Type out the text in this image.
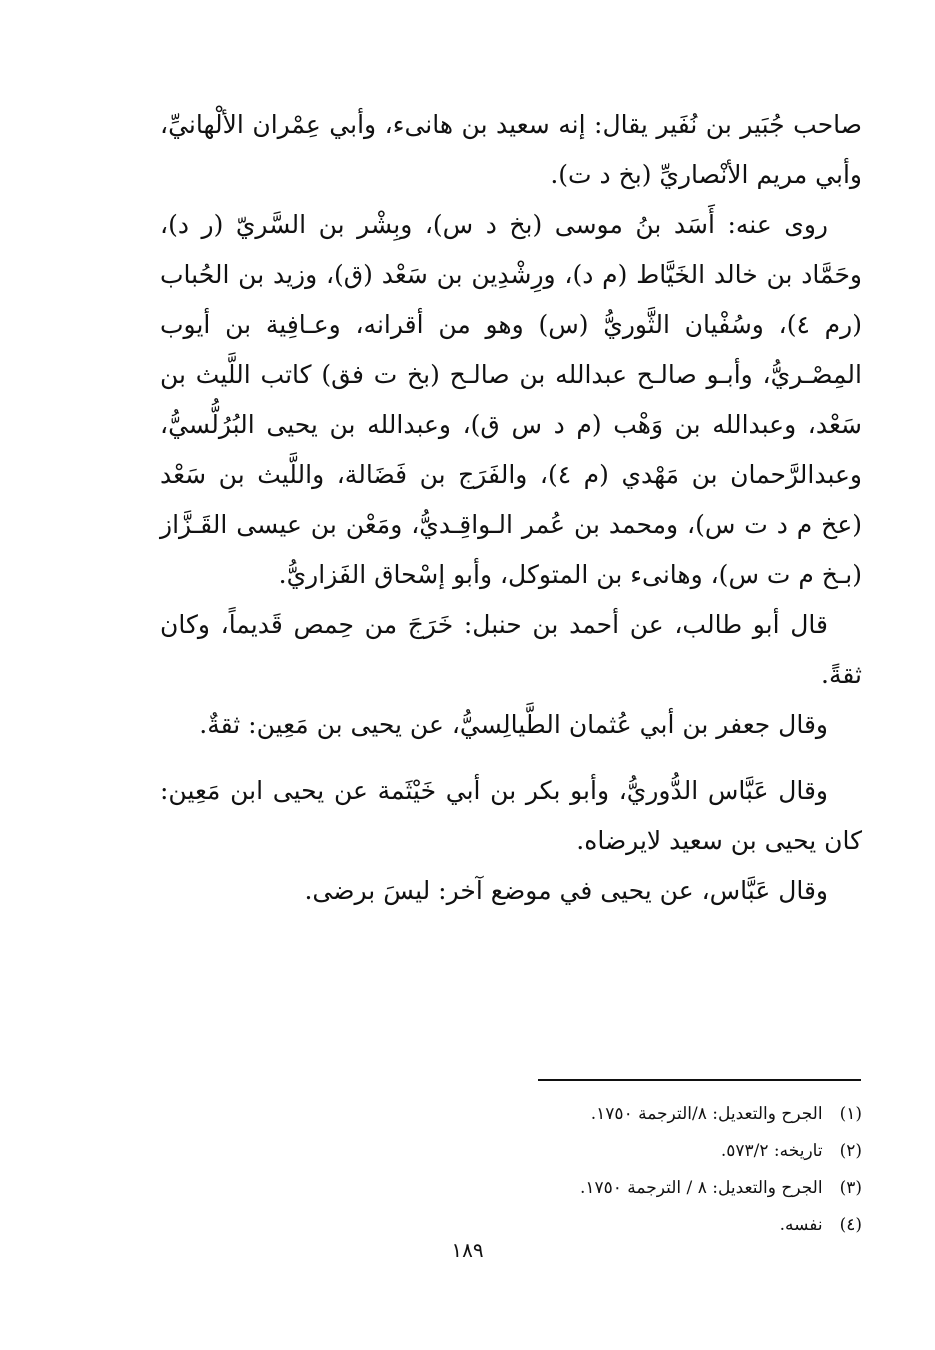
صاحب جُبَير بن نُفَير يقال: إنه سعيد بن هانىء، وأبي عِمْران الألْهانيِّ، وأبي مريم الأنْصاريِّ (بخ د ت).

روى عنه: أَسَد بنُ موسى (بخ د س)، وبِشْر بن السَّريّ (ر د)، وحَمَّاد بن خالد الخَيَّاط (م د)، ورِشْدِين بن سَعْد (ق)، وزيد بن الحُباب (رم ٤)، وسُفْيان الثَّوريُّ (س) وهو من أقرانه، وعـافِية بن أيوب المِصْـريُّ، وأبـو صالـح عبدالله بن صالـح (بخ ت فق) كاتب اللَّيث بن سَعْد، وعبدالله بن وَهْب (م د س ق)، وعبدالله بن يحيى البُرُلُّسيُّ، وعبدالرَّحمان بن مَهْدي (م ٤)، والفَرَج بن فَضَالة، واللَّيث بن سَعْد (عخ م د ت س)، ومحمد بن عُمر الـواقِـديُّ، ومَعْن بن عيسى القَـزَّاز (بـخ م ت س)، وهانىء بن المتوكل، وأبو إسْحاق الفَزاريُّ.

قال أبو طالب، عن أحمد بن حنبل: خَرَجَ من حِمص قَديماً، وكان ثقةً.

وقال جعفر بن أبي عُثمان الطَّيالِسيُّ، عن يحيى بن مَعِين: ثقةٌ.

وقال عَبَّاس الدُّوريُّ، وأبو بكر بن أبي خَيْثَمة عن يحيى ابن مَعِين: كان يحيى بن سعيد لايرضاه.

وقال عَبَّاس، عن يحيى في موضع آخر: ليسَ برضى.

(١) الجرح والتعديل: ٨/الترجمة ١٧٥٠.
(٢) تاريخه: ٥٧٣/٢.
(٣) الجرح والتعديل: ٨ / الترجمة ١٧٥٠.
(٤) نفسه.
١٨٩
